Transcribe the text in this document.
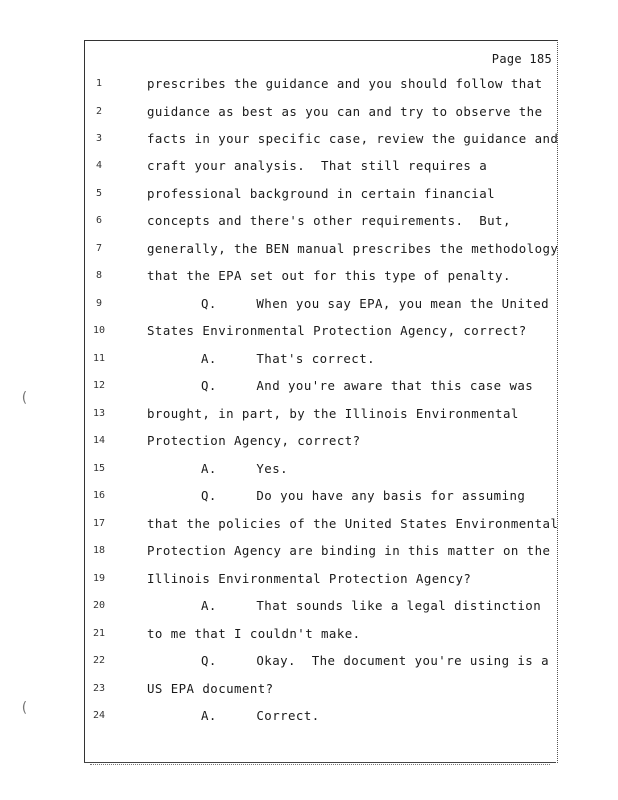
(
(
Page 185
1	prescribes the guidance and you should follow that
2	guidance as best as you can and try to observe the
3	facts in your specific case, review the guidance and
4	craft your analysis.  That still requires a
5	professional background in certain financial
6	concepts and there's other requirements.  But,
7	generally, the BEN manual prescribes the methodology
8	that the EPA set out for this type of penalty.
9	Q.     When you say EPA, you mean the United
10	States Environmental Protection Agency, correct?
11	A.     That's correct.
12	Q.     And you're aware that this case was
13	brought, in part, by the Illinois Environmental
14	Protection Agency, correct?
15	A.     Yes.
16	Q.     Do you have any basis for assuming
17	that the policies of the United States Environmental
18	Protection Agency are binding in this matter on the
19	Illinois Environmental Protection Agency?
20	A.     That sounds like a legal distinction
21	to me that I couldn't make.
22	Q.     Okay.  The document you're using is a
23	US EPA document?
24	A.     Correct.
